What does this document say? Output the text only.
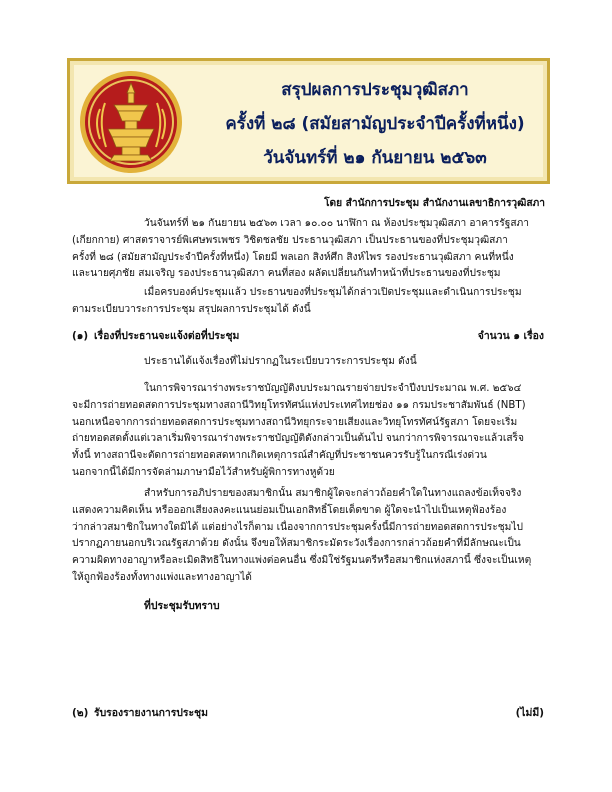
สรุปผลการประชุมวุฒิสภา
ครั้งที่ ๒๘ (สมัยสามัญประจำปีครั้งที่หนึ่ง)
วันจันทร์ที่ ๒๑ กันยายน ๒๕๖๓
โดย สำนักการประชุม สำนักงานเลขาธิการวุฒิสภา
วันจันทร์ที่ ๒๑ กันยายน ๒๕๖๓ เวลา ๑๐.๐๐ นาฬิกา ณ ห้องประชุมวุฒิสภา อาคารรัฐสภา
(เกียกกาย) ศาสตราจารย์พิเศษพรเพชร วิชิตชลชัย ประธานวุฒิสภา เป็นประธานของที่ประชุมวุฒิสภา
ครั้งที่ ๒๘ (สมัยสามัญประจำปีครั้งที่หนึ่ง) โดยมี พลเอก สิงห์ศึก สิงห์ไพร รองประธานวุฒิสภา คนที่หนึ่ง
และนายศุภชัย สมเจริญ รองประธานวุฒิสภา คนที่สอง ผลัดเปลี่ยนกันทำหน้าที่ประธานของที่ประชุม
เมื่อครบองค์ประชุมแล้ว ประธานของที่ประชุมได้กล่าวเปิดประชุมและดำเนินการประชุม
ตามระเบียบวาระการประชุม สรุปผลการประชุมได้ ดังนี้
(๑) เรื่องที่ประธานจะแจ้งต่อที่ประชุม	จำนวน ๑ เรื่อง
ประธานได้แจ้งเรื่องที่ไม่ปรากฏในระเบียบวาระการประชุม ดังนี้
ในการพิจารณาร่างพระราชบัญญัติงบประมาณรายจ่ายประจำปีงบประมาณ พ.ศ. ๒๕๖๔
จะมีการถ่ายทอดสดการประชุมทางสถานีวิทยุโทรทัศน์แห่งประเทศไทยช่อง ๑๑ กรมประชาสัมพันธ์ (NBT)
นอกเหนือจากการถ่ายทอดสดการประชุมทางสถานีวิทยุกระจายเสียงและวิทยุโทรทัศน์รัฐสภา โดยจะเริ่ม
ถ่ายทอดสดตั้งแต่เวลาเริ่มพิจารณาร่างพระราชบัญญัติดังกล่าวเป็นต้นไป จนกว่าการพิจารณาจะแล้วเสร็จ
ทั้งนี้ ทางสถานีจะตัดการถ่ายทอดสดหากเกิดเหตุการณ์สำคัญที่ประชาชนควรรับรู้ในกรณีเร่งด่วน
นอกจากนี้ได้มีการจัดล่ามภาษามือไว้สำหรับผู้พิการทางหูด้วย
สำหรับการอภิปรายของสมาชิกนั้น สมาชิกผู้ใดจะกล่าวถ้อยคำใดในทางแถลงข้อเท็จจริง
แสดงความคิดเห็น หรือออกเสียงลงคะแนนย่อมเป็นเอกสิทธิ์โดยเด็ดขาด ผู้ใดจะนำไปเป็นเหตุฟ้องร้อง
ว่ากล่าวสมาชิกในทางใดมิได้ แต่อย่างไรก็ตาม เนื่องจากการประชุมครั้งนี้มีการถ่ายทอดสดการประชุมไป
ปรากฏภายนอกบริเวณรัฐสภาด้วย ดังนั้น จึงขอให้สมาชิกระมัดระวังเรื่องการกล่าวถ้อยคำที่มีลักษณะเป็น
ความผิดทางอาญาหรือละเมิดสิทธิในทางแพ่งต่อคนอื่น ซึ่งมิใช่รัฐมนตรีหรือสมาชิกแห่งสภานี้ ซึ่งจะเป็นเหตุ
ให้ถูกฟ้องร้องทั้งทางแพ่งและทางอาญาได้
ที่ประชุมรับทราบ
(๒) รับรองรายงานการประชุม	(ไม่มี)
